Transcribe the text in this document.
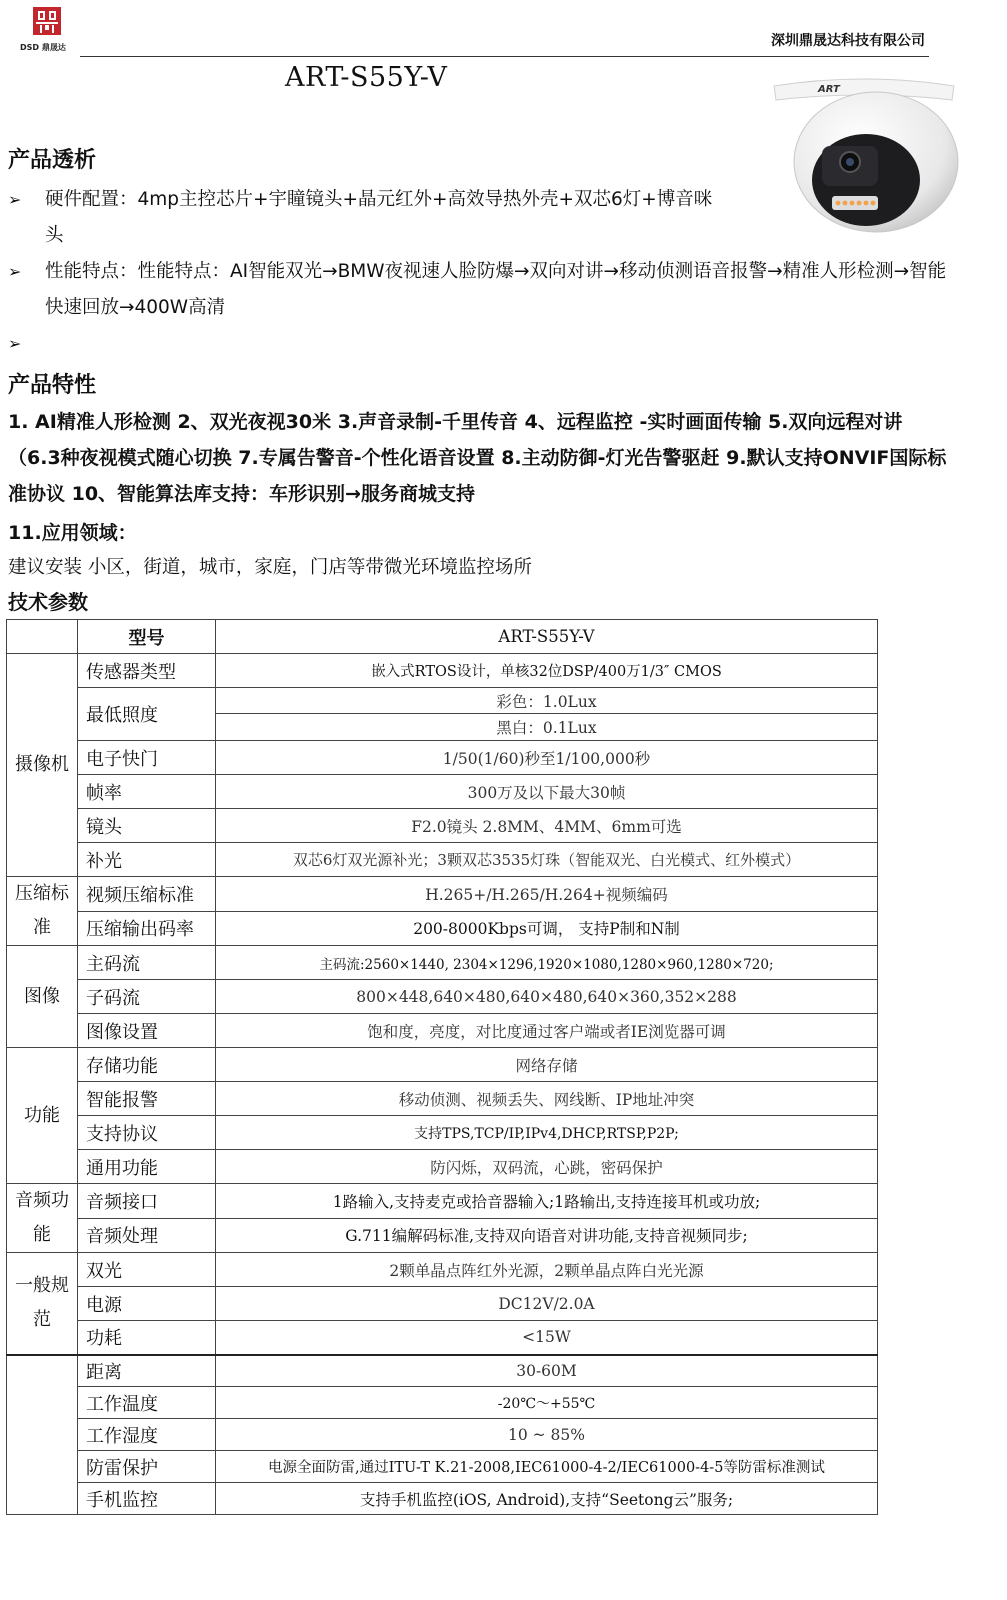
DSD 鼎晟达	深圳鼎晟达科技有限公司
ART-S55Y-V	ART
产品透析
➢	硬件配置：4mp主控芯片+宇瞳镜头+晶元红外+高效导热外壳+双芯6灯+博音咪头
➢	性能特点：性能特点：AI智能双光→BMW夜视速人脸防爆→双向对讲→移动侦测语音报警→精准人形检测→智能快速回放→400W高清
➢
产品特性
1. AI精准人形检测 2、双光夜视30米 3.声音录制-千里传音 4、远程监控 -实时画面传输 5.双向远程对讲（6.3种夜视模式随心切换 7.专属告警音-个性化语音设置 8.主动防御-灯光告警驱赶 9.默认支持ONVIF国际标准协议 10、智能算法库支持：车形识别→服务商城支持
11.应用领域：
建议安装 小区，街道，城市，家庭，门店等带微光环境监控场所
技术参数
	型号	ART-S55Y-V
摄像机	传感器类型	嵌入式RTOS设计，单核32位DSP/400万1/3″ CMOS
	最低照度	彩色：1.0Lux
		黑白：0.1Lux
	电子快门	1/50(1/60)秒至1/100,000秒
	帧率	300万及以下最大30帧
	镜头	F2.0镜头 2.8MM、4MM、6mm可选
	补光	双芯6灯双光源补光；3颗双芯3535灯珠（智能双光、白光模式、红外模式）
压缩标准	视频压缩标准	H.265+/H.265/H.264+视频编码
	压缩输出码率	200-8000Kbps可调， 支持P制和N制
图像	主码流	主码流:2560×1440, 2304×1296,1920×1080,1280×960,1280×720;
	子码流	800×448,640×480,640×480,640×360,352×288
	图像设置	饱和度，亮度，对比度通过客户端或者IE浏览器可调
功能	存储功能	网络存储
	智能报警	移动侦测、视频丢失、网线断、IP地址冲突
	支持协议	支持TPS,TCP/IP,IPv4,DHCP,RTSP,P2P;
	通用功能	防闪烁，双码流，心跳，密码保护
音频功能	音频接口	1路输入,支持麦克或拾音器输入;1路输出,支持连接耳机或功放;
	音频处理	G.711编解码标准,支持双向语音对讲功能,支持音视频同步;
一般规范	双光	2颗单晶点阵红外光源，2颗单晶点阵白光光源
	电源	DC12V/2.0A
	功耗	<15W
	距离	30-60M
	工作温度	-20℃～+55℃
	工作湿度	10 ~ 85%
	防雷保护	电源全面防雷,通过ITU-T K.21-2008,IEC61000-4-2/IEC61000-4-5等防雷标准测试
	手机监控	支持手机监控(iOS, Android),支持“Seetong云”服务;
